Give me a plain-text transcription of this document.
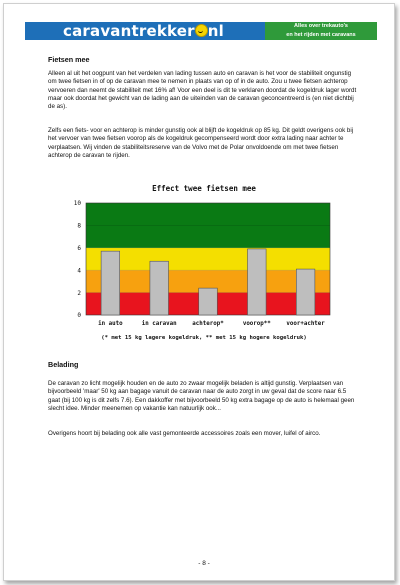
caravantrekker nl	Alles over trekauto's
en het rijden met caravans
Fietsen mee

Alleen al uit het oogpunt van het verdelen van lading tussen auto en caravan is het voor de stabiliteit ongunstig om twee fietsen in of op de caravan mee te nemen in plaats van op of in de auto. Zou u twee fietsen achterop vervoeren dan neemt de stabiliteit met 16% af! Voor een deel is dit te verklaren doordat de kogeldruk lager wordt maar ook doordat het gewicht van de lading aan de uiteinden van de caravan geconcentreerd is (en niet dichtbij de as).

Zelfs een fiets- voor en achterop is minder gunstig ook al blijft de kogeldruk op 85 kg. Dit geldt overigens ook bij het vervoer van twee fietsen voorop als de kogeldruk gecompenseerd wordt door extra lading naar achter te verplaatsen. Wij vinden de stabiliteitsreserve van de Volvo met de Polar onvoldoende om met twee fietsen achterop de caravan te rijden.

Effect twee fietsen mee
0
2
4
6
8
10
in auto	in caravan	achterop*	voorop**	voor+achter
(* met 15 kg lagere kogeldruk, ** met 15 kg hogere kogeldruk)
Belading

De caravan zo licht mogelijk houden en de auto zo zwaar mogelijk beladen is altijd gunstig. Verplaatsen van bijvoorbeeld 'maar' 50 kg aan bagage vanuit de caravan naar de auto zorgt in uw geval dat de score naar 6.5 gaat (bij 100 kg is dit zelfs 7.6). Een dakkoffer met bijvoorbeeld 50 kg extra bagage op de auto is helemaal geen slecht idee. Minder meenemen op vakantie kan natuurlijk ook...

Overigens hoort bij belading ook alle vast gemonteerde accessoires zoals een mover, luifel of airco.

- 8 -
